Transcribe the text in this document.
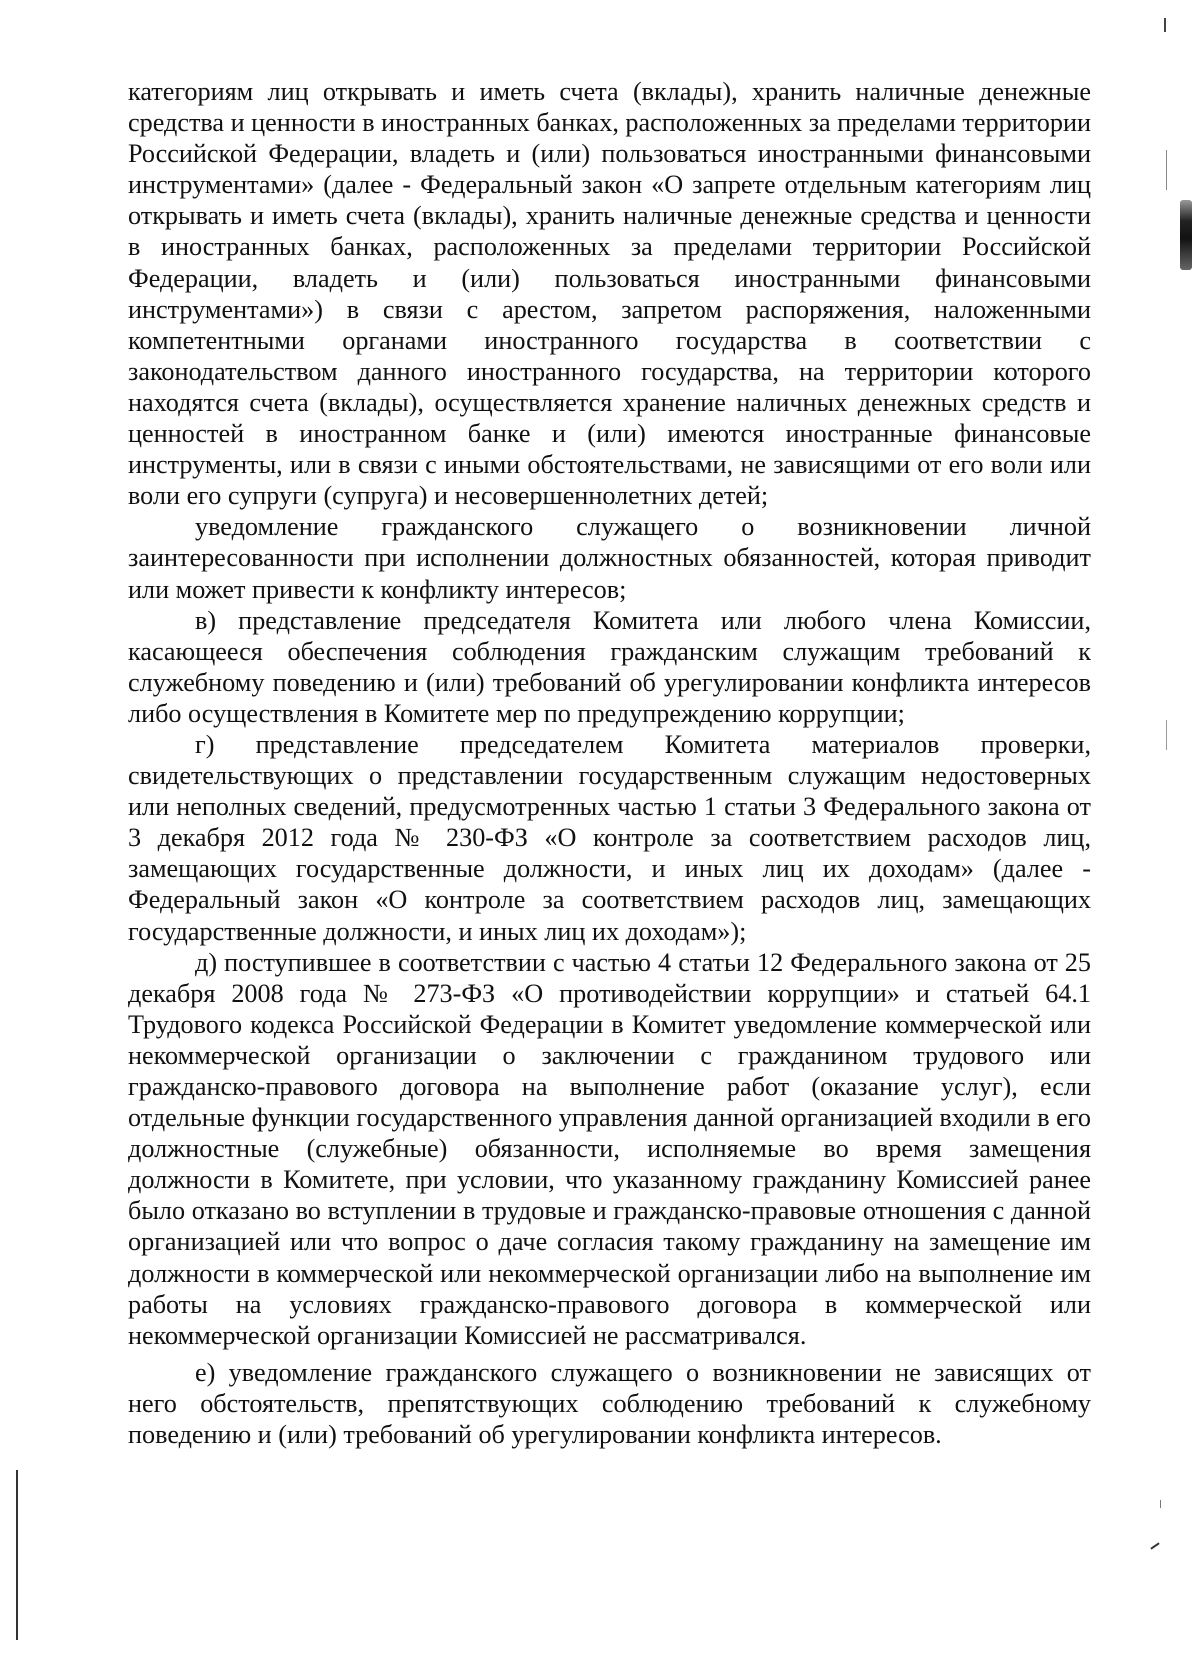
категориям лиц открывать и иметь счета (вклады), хранить наличные денежные средства и ценности в иностранных банках, расположенных за пределами территории Российской Федерации, владеть и (или) пользоваться иностранными финансовыми инструментами» (далее - Федеральный закон «О запрете отдельным категориям лиц открывать и иметь счета (вклады), хранить наличные денежные средства и ценности в иностранных банках, расположенных за пределами территории Российской Федерации, владеть и (или) пользоваться иностранными финансовыми инструментами») в связи с арестом, запретом распоряжения, наложенными компетентными органами иностранного государства в соответствии с законодательством данного иностранного государства, на территории которого находятся счета (вклады), осуществляется хранение наличных денежных средств и ценностей в иностранном банке и (или) имеются иностранные финансовые инструменты, или в связи с иными обстоятельствами, не зависящими от его воли или воли его супруги (супруга) и несовершеннолетних детей;

уведомление гражданского служащего о возникновении личной заинтересованности при исполнении должностных обязанностей, которая приводит или может привести к конфликту интересов;

в) представление председателя Комитета или любого члена Комиссии, касающееся обеспечения соблюдения гражданским служащим требований к служебному поведению и (или) требований об урегулировании конфликта интересов либо осуществления в Комитете мер по предупреждению коррупции;

г) представление председателем Комитета материалов проверки, свидетельствующих о представлении государственным служащим недостоверных или неполных сведений, предусмотренных частью 1 статьи 3 Федерального закона от 3 декабря 2012 года № 230-ФЗ «О контроле за соответствием расходов лиц, замещающих государственные должности, и иных лиц их доходам» (далее - Федеральный закон «О контроле за соответствием расходов лиц, замещающих государственные должности, и иных лиц их доходам»);

д) поступившее в соответствии с частью 4 статьи 12 Федерального закона от 25 декабря 2008 года № 273-ФЗ «О противодействии коррупции» и статьей 64.1 Трудового кодекса Российской Федерации в Комитет уведомление коммерческой или некоммерческой организации о заключении с гражданином трудового или гражданско-правового договора на выполнение работ (оказание услуг), если отдельные функции государственного управления данной организацией входили в его должностные (служебные) обязанности, исполняемые во время замещения должности в Комитете, при условии, что указанному гражданину Комиссией ранее было отказано во вступлении в трудовые и гражданско-правовые отношения с данной организацией или что вопрос о даче согласия такому гражданину на замещение им должности в коммерческой или некоммерческой организации либо на выполнение им работы на условиях гражданско-правового договора в коммерческой или некоммерческой организации Комиссией не рассматривался.

е) уведомление гражданского служащего о возникновении не зависящих от него обстоятельств, препятствующих соблюдению требований к служебному поведению и (или) требований об урегулировании конфликта интересов.
